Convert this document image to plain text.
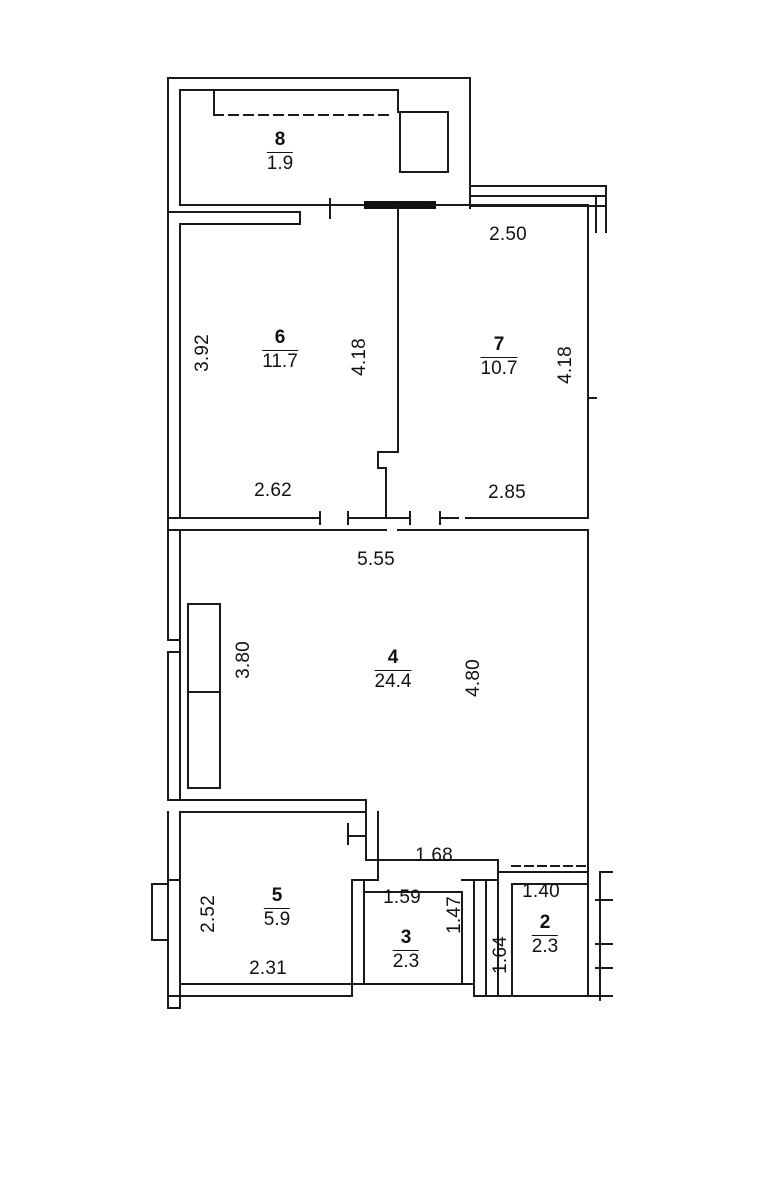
8
1.9
6
11.7
7
10.7
4
24.4
5
5.9
3
2.3
2
2.3
2.50
3.92	4.18	4.18
2.62	2.85
5.55
3.80	4.80
1.68
1.40
2.52	1.59 1.47
1.64
2.31
